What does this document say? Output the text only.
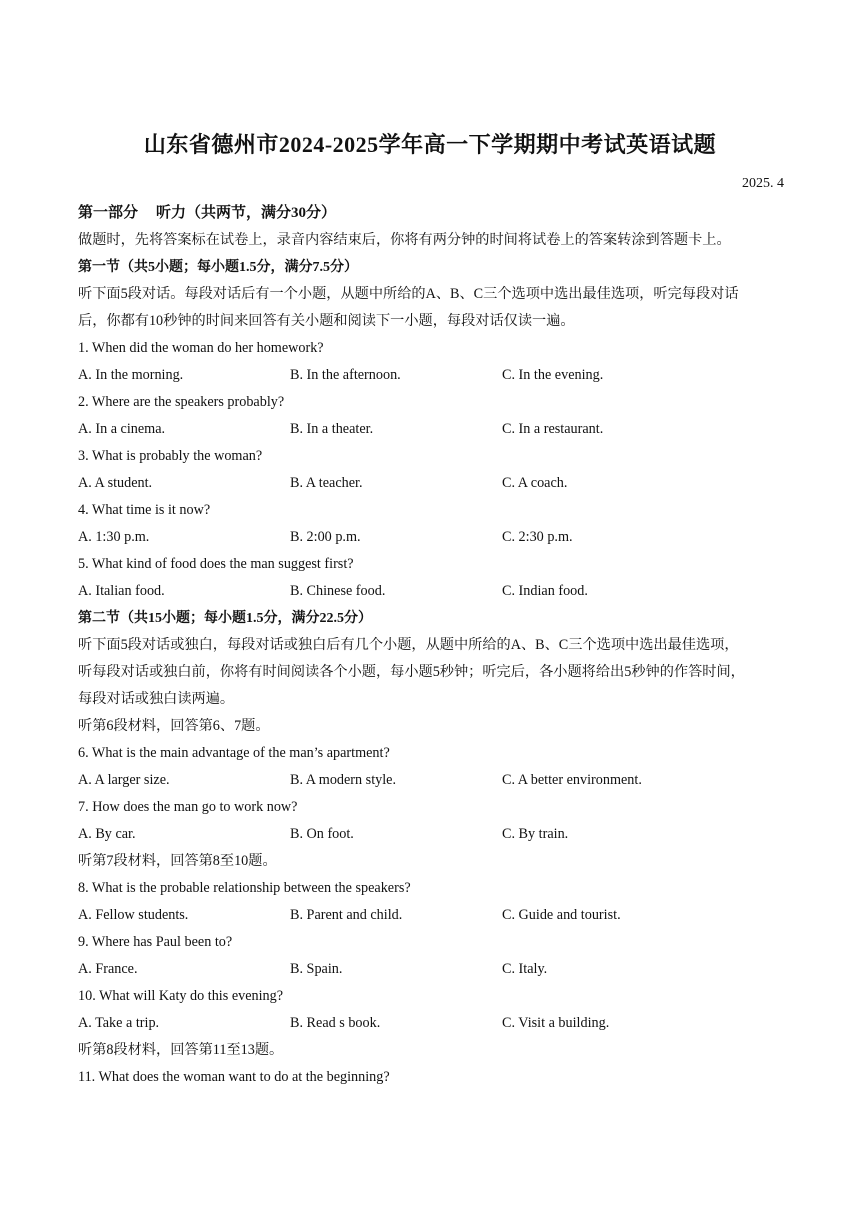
山东省德州市2024-2025学年高一下学期期中考试英语试题
2025. 4
第一部分 听力（共两节，满分30分）
做题时，先将答案标在试卷上，录音内容结束后，你将有两分钟的时间将试卷上的答案转涂到答题卡上。
第一节（共5小题；每小题1.5分，满分7.5分）
听下面5段对话。每段对话后有一个小题，从题中所给的A、B、C三个选项中选出最佳选项，听完每段对话
后，你都有10秒钟的时间来回答有关小题和阅读下一小题，每段对话仅读一遍。
1. When did the woman do her homework?
A. In the morning.	B. In the afternoon.	C. In the evening.
2. Where are the speakers probably?
A. In a cinema.	B. In a theater.	C. In a restaurant.
3. What is probably the woman?
A. A student.	B. A teacher.	C. A coach.
4. What time is it now?
A. 1:30 p.m.	B. 2:00 p.m.	C. 2:30 p.m.
5. What kind of food does the man suggest first?
A. Italian food.	B. Chinese food.	C. Indian food.
第二节（共15小题；每小题1.5分，满分22.5分）
听下面5段对话或独白，每段对话或独白后有几个小题，从题中所给的A、B、C三个选项中选出最佳选项，
听每段对话或独白前，你将有时间阅读各个小题，每小题5秒钟；听完后，各小题将给出5秒钟的作答时间，
每段对话或独白读两遍。
听第6段材料，回答第6、7题。
6. What is the main advantage of the man’s apartment?
A. A larger size.	B. A modern style.	C. A better environment.
7. How does the man go to work now?
A. By car.	B. On foot.	C. By train.
听第7段材料，回答第8至10题。
8. What is the probable relationship between the speakers?
A. Fellow students.	B. Parent and child.	C. Guide and tourist.
9. Where has Paul been to?
A. France.	B. Spain.	C. Italy.
10. What will Katy do this evening?
A. Take a trip.	B. Read s book.	C. Visit a building.
听第8段材料，回答第11至13题。
11. What does the woman want to do at the beginning?
